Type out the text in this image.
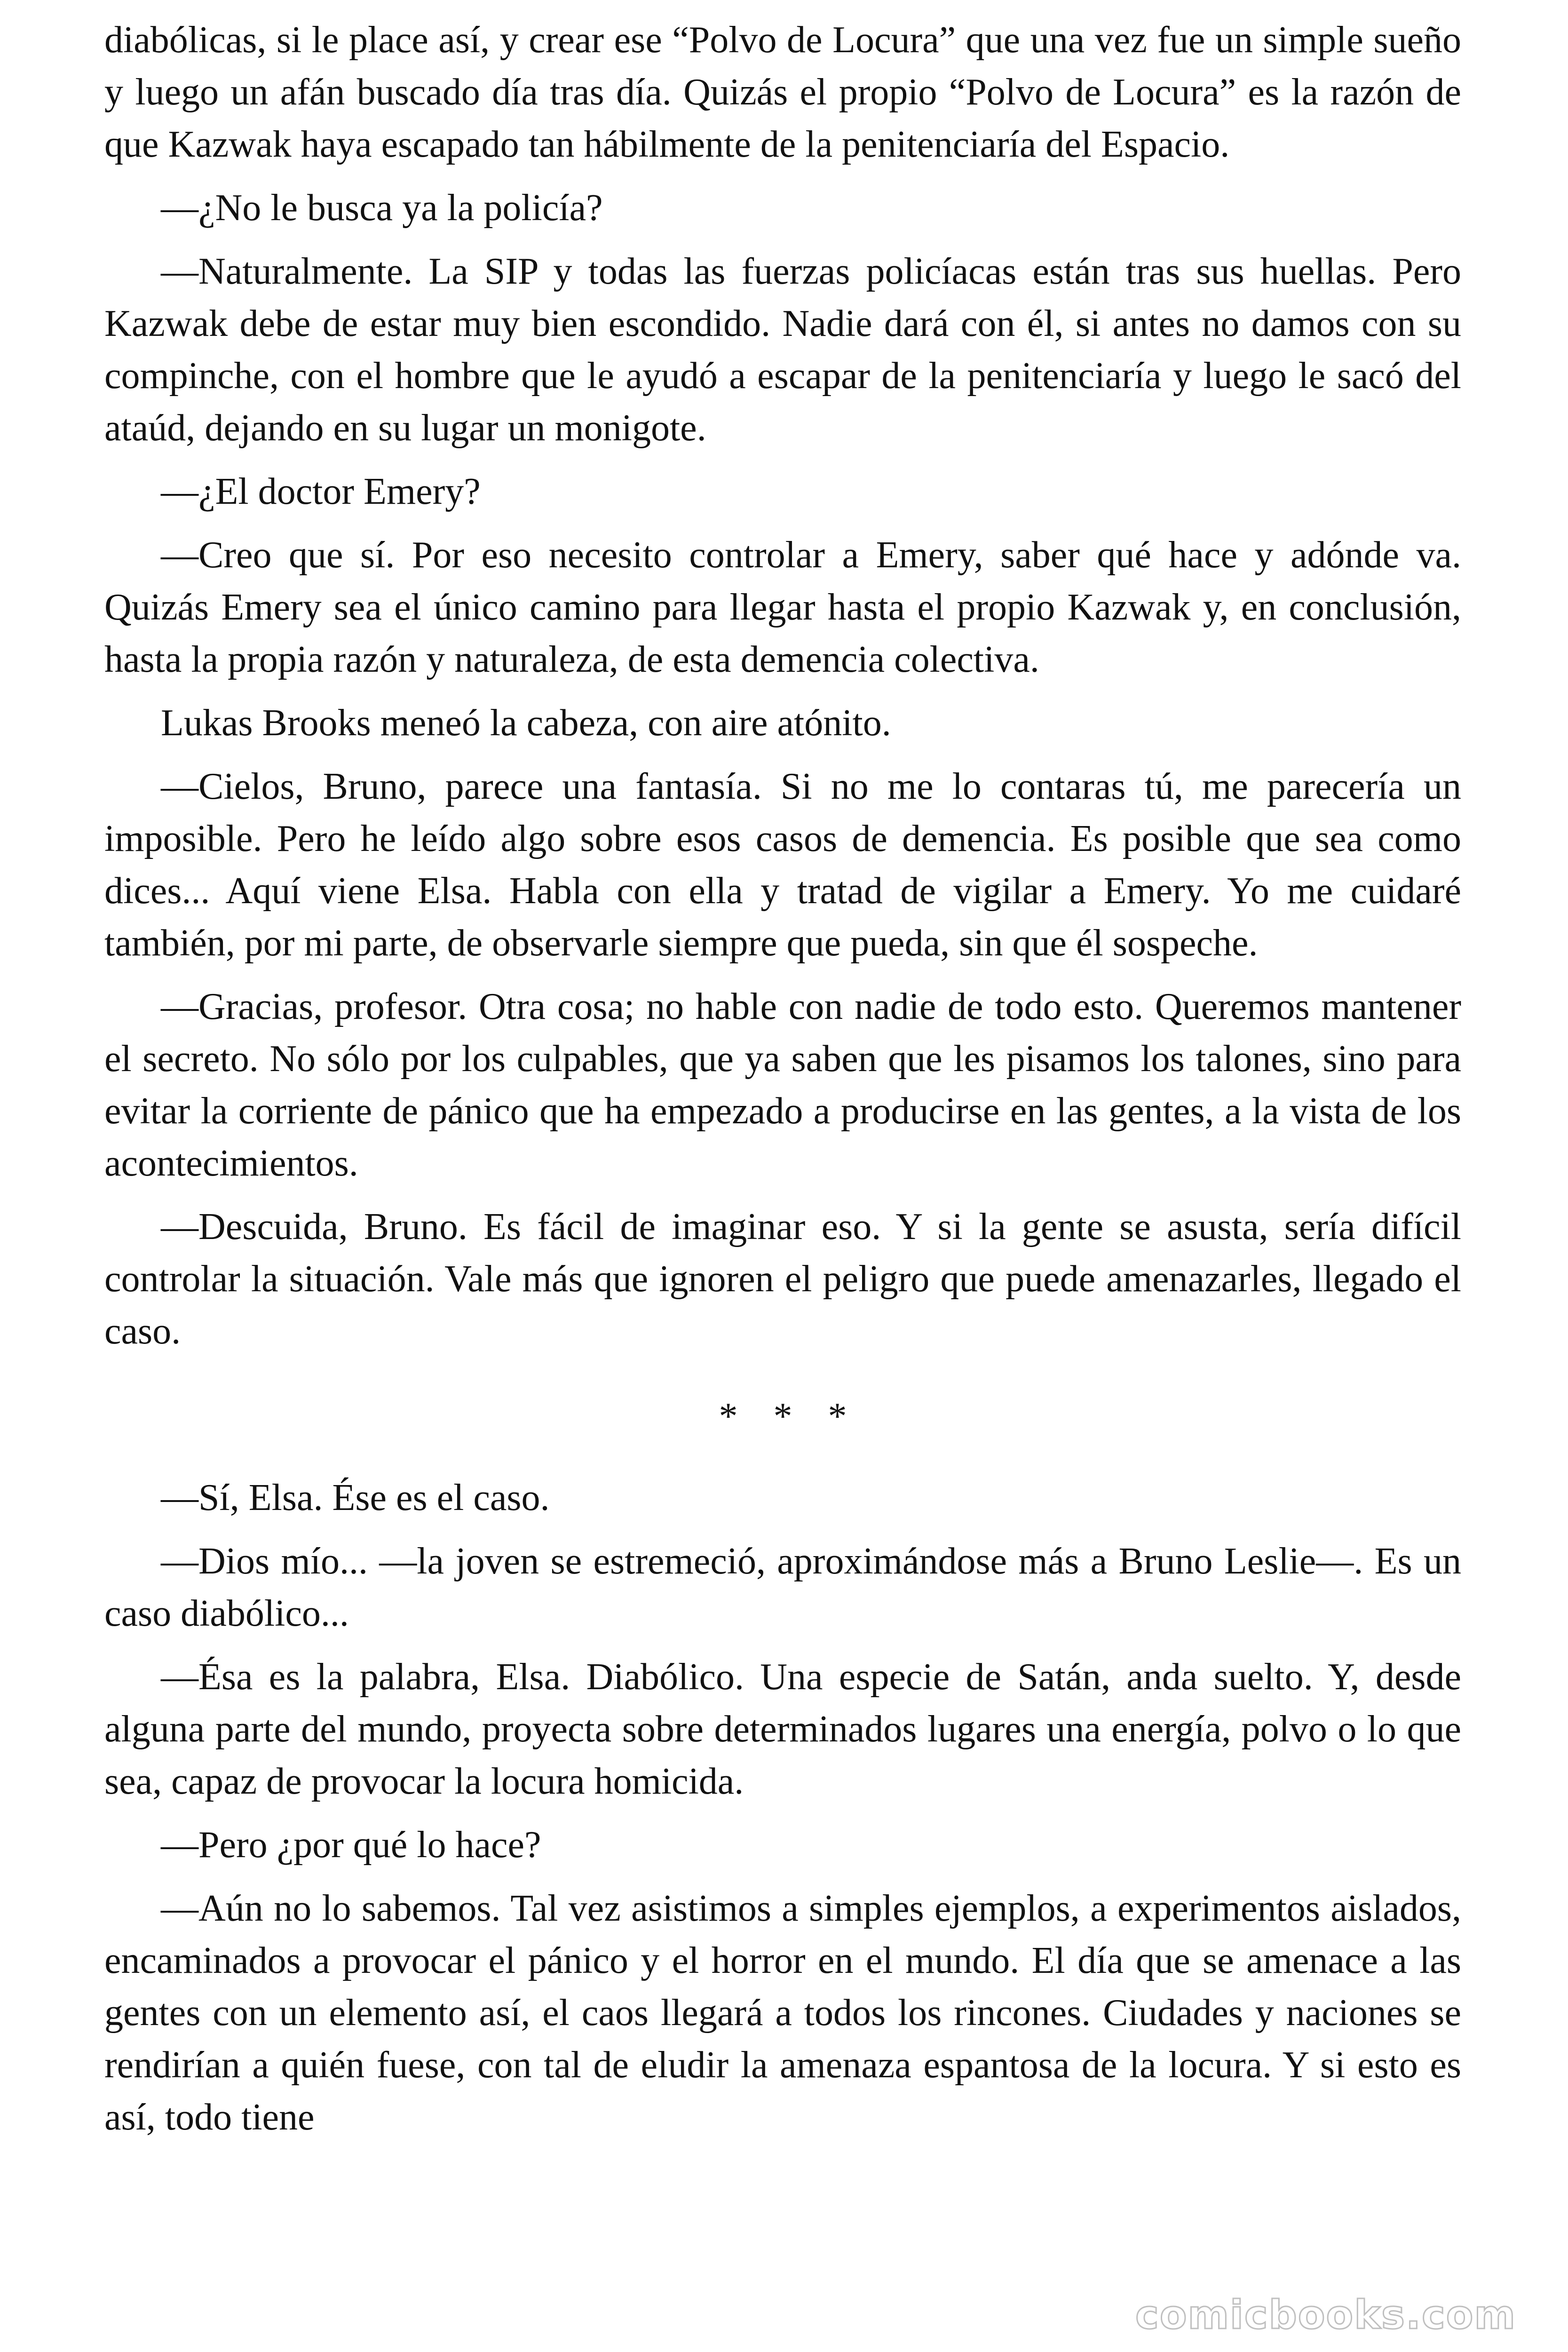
diabólicas, si le place así, y crear ese “Polvo de Locura” que una vez fue un simple sueño y luego un afán buscado día tras día. Quizás el propio “Polvo de Locura” es la razón de que Kazwak haya escapado tan hábilmente de la penitenciaría del Espacio.

—¿No le busca ya la policía?

—Naturalmente. La SIP y todas las fuerzas policíacas están tras sus huellas. Pero Kazwak debe de estar muy bien escondido. Nadie dará con él, si antes no damos con su compinche, con el hombre que le ayudó a escapar de la penitenciaría y luego le sacó del ataúd, dejando en su lugar un monigote.

—¿El doctor Emery?

—Creo que sí. Por eso necesito controlar a Emery, saber qué hace y adónde va. Quizás Emery sea el único camino para llegar hasta el propio Kazwak y, en conclusión, hasta la propia razón y naturaleza, de esta demencia colectiva.

Lukas Brooks meneó la cabeza, con aire atónito.

—Cielos, Bruno, parece una fantasía. Si no me lo contaras tú, me parecería un imposible. Pero he leído algo sobre esos casos de demencia. Es posible que sea como dices... Aquí viene Elsa. Habla con ella y tratad de vigilar a Emery. Yo me cuidaré también, por mi parte, de observarle siempre que pueda, sin que él sospeche.

—Gracias, profesor. Otra cosa; no hable con nadie de todo esto. Queremos mantener el secreto. No sólo por los culpables, que ya saben que les pisamos los talones, sino para evitar la corriente de pánico que ha empezado a producirse en las gentes, a la vista de los acontecimientos.

—Descuida, Bruno. Es fácil de imaginar eso. Y si la gente se asusta, sería difícil controlar la situación. Vale más que ignoren el peligro que puede amenazarles, llegado el caso.

* * *

—Sí, Elsa. Ése es el caso.

—Dios mío... —la joven se estremeció, aproximándose más a Bruno Leslie—. Es un caso diabólico...

—Ésa es la palabra, Elsa. Diabólico. Una especie de Satán, anda suelto. Y, desde alguna parte del mundo, proyecta sobre determinados lugares una energía, polvo o lo que sea, capaz de provocar la locura homicida.

—Pero ¿por qué lo hace?

—Aún no lo sabemos. Tal vez asistimos a simples ejemplos, a experimentos aislados, encaminados a provocar el pánico y el horror en el mundo. El día que se amenace a las gentes con un elemento así, el caos llegará a todos los rincones. Ciudades y naciones se rendirían a quién fuese, con tal de eludir la amenaza espantosa de la locura. Y si esto es así, todo tiene

comicbooks.com
